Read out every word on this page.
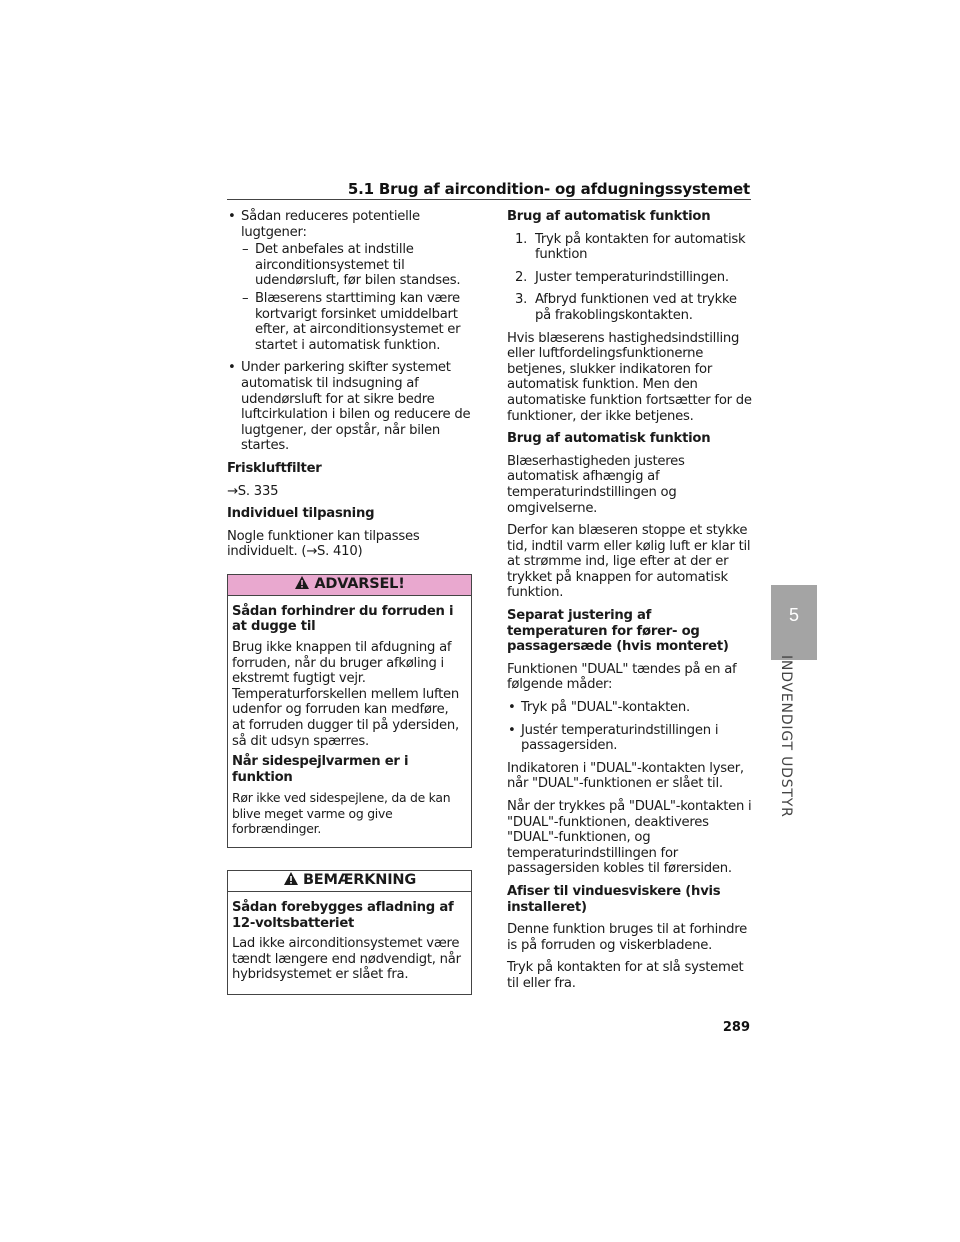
5.1 Brug af aircondition- og afdugningssystemet
• Sådan reduceres potentielle lugtgener:
– Det anbefales at indstille airconditionsystemet til udendørsluft, før bilen standses.
– Blæserens starttiming kan være kortvarigt forsinket umiddelbart efter, at airconditionsystemet er startet i automatisk funktion.
• Under parkering skifter systemet automatisk til indsugning af udendørsluft for at sikre bedre luftcirkulation i bilen og reducere de lugtgener, der opstår, når bilen startes.

Friskluftfilter

→S. 335

Individuel tilpasning

Nogle funktioner kan tilpasses individuelt. (→S. 410)

ADVARSEL!

Sådan forhindrer du forruden i at dugge til

Brug ikke knappen til afdugning af forruden, når du bruger afkøling i ekstremt fugtigt vejr. Temperaturforskellen mellem luften udenfor og forruden kan medføre, at forruden dugger til på ydersiden, så dit udsyn spærres.

Når sidespejlvarmen er i funktion

Rør ikke ved sidespejlene, da de kan blive meget varme og give forbrændinger.

BEMÆRKNING

Sådan forebygges afladning af 12-voltsbatteriet

Lad ikke airconditionsystemet være tændt længere end nødvendigt, når hybridsystemet er slået fra.

Brug af automatisk funktion

1. Tryk på kontakten for automatisk funktion
2. Juster temperaturindstillingen.
3. Afbryd funktionen ved at trykke på frakoblingskontakten.

Hvis blæserens hastighedsindstilling eller luftfordelingsfunktionerne betjenes, slukker indikatoren for automatisk funktion. Men den automatiske funktion fortsætter for de funktioner, der ikke betjenes.

Brug af automatisk funktion

Blæserhastigheden justeres automatisk afhængig af temperaturindstillingen og omgivelserne.

Derfor kan blæseren stoppe et stykke tid, indtil varm eller kølig luft er klar til at strømme ind, lige efter at der er trykket på knappen for automatisk funktion.

Separat justering af temperaturen for fører- og passagersæde (hvis monteret)

Funktionen "DUAL" tændes på en af følgende måder:

• Tryk på "DUAL"-kontakten.
• Justér temperaturindstillingen i passagersiden.

Indikatoren i "DUAL"-kontakten lyser, når "DUAL"-funktionen er slået til.

Når der trykkes på "DUAL"-kontakten i "DUAL"-funktionen, deaktiveres "DUAL"-funktionen, og temperaturindstillingen for passagersiden kobles til førersiden.

Afiser til vinduesviskere (hvis installeret)

Denne funktion bruges til at forhindre is på forruden og viskerbladene.

Tryk på kontakten for at slå systemet til eller fra.

5
INDVENDIGT UDSTYR
289
